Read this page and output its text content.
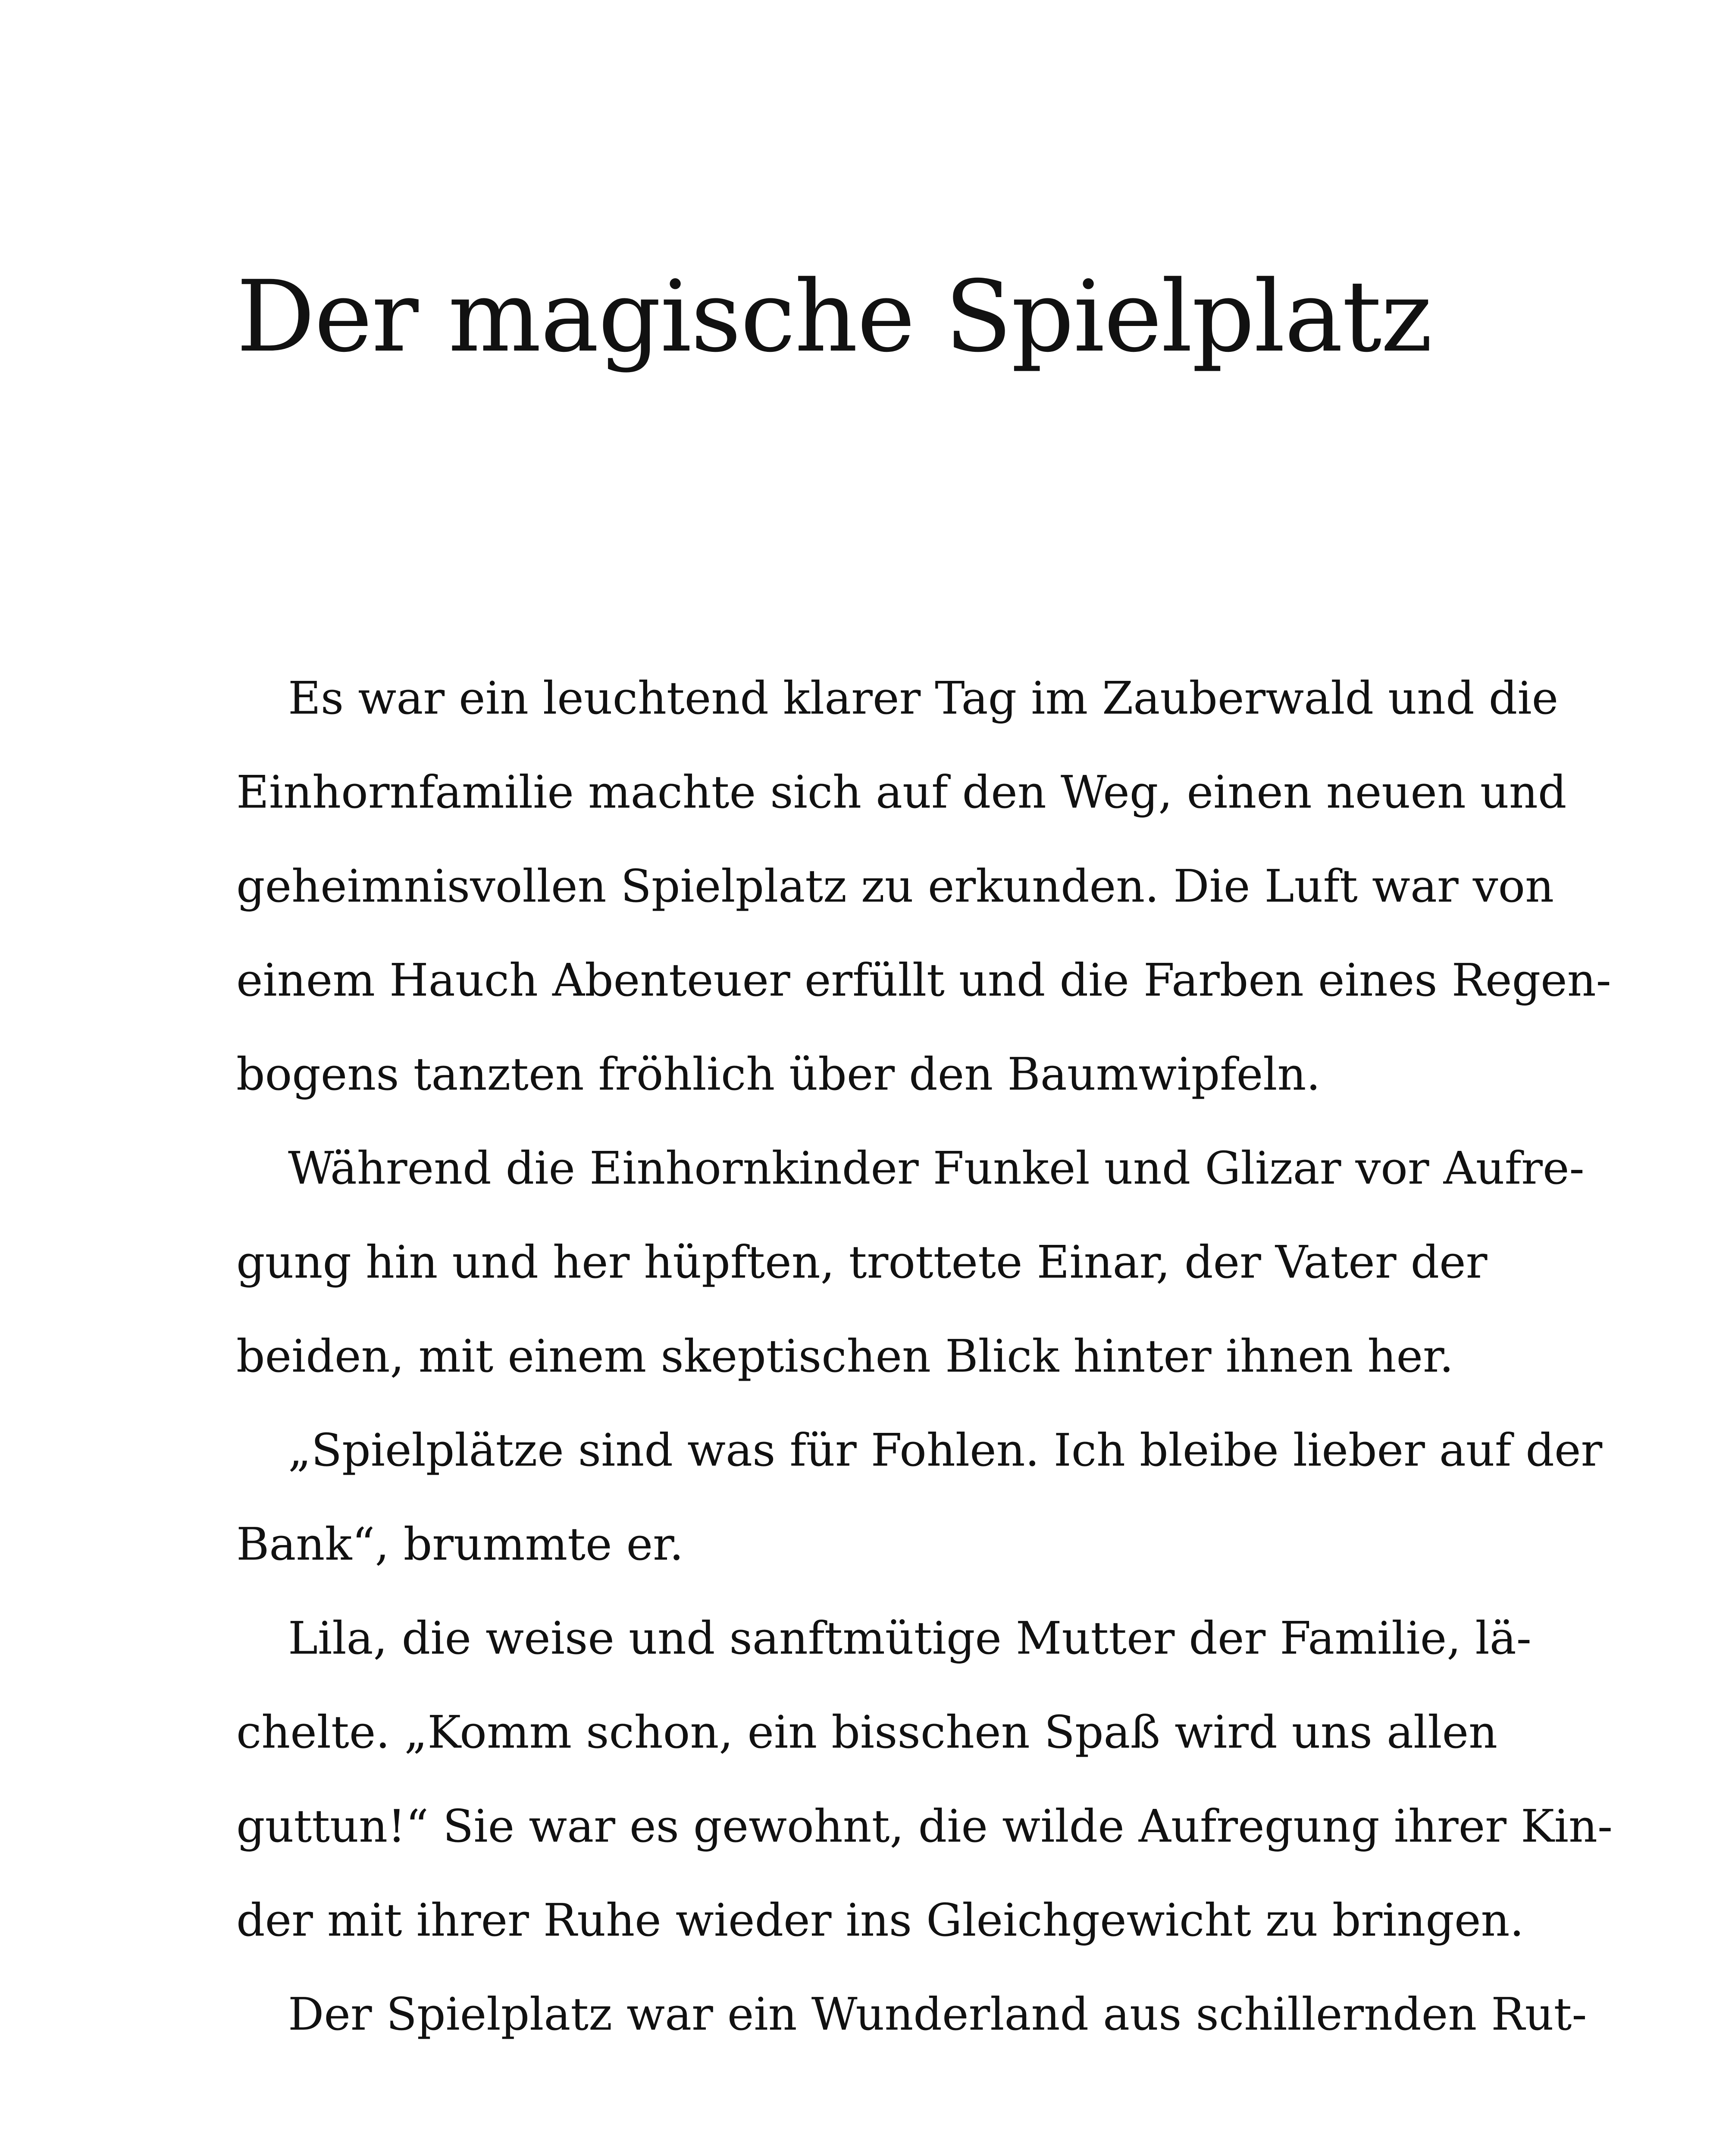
Der magische Spielplatz
Es war ein leuchtend klarer Tag im Zauberwald und die
Einhornfamilie machte sich auf den Weg, einen neuen und
geheimnisvollen Spielplatz zu erkunden. Die Luft war von
einem Hauch Abenteuer erfüllt und die Farben eines Regen-
bogens tanzten fröhlich über den Baumwipfeln.
Während die Einhornkinder Funkel und Glizar vor Aufre-
gung hin und her hüpften, trottete Einar, der Vater der
beiden, mit einem skeptischen Blick hinter ihnen her.
„Spielplätze sind was für Fohlen. Ich bleibe lieber auf der
Bank“, brummte er.
Lila, die weise und sanftmütige Mutter der Familie, lä-
chelte. „Komm schon, ein bisschen Spaß wird uns allen
guttun!“ Sie war es gewohnt, die wilde Aufregung ihrer Kin-
der mit ihrer Ruhe wieder ins Gleichgewicht zu bringen.
Der Spielplatz war ein Wunderland aus schillernden Rut-
